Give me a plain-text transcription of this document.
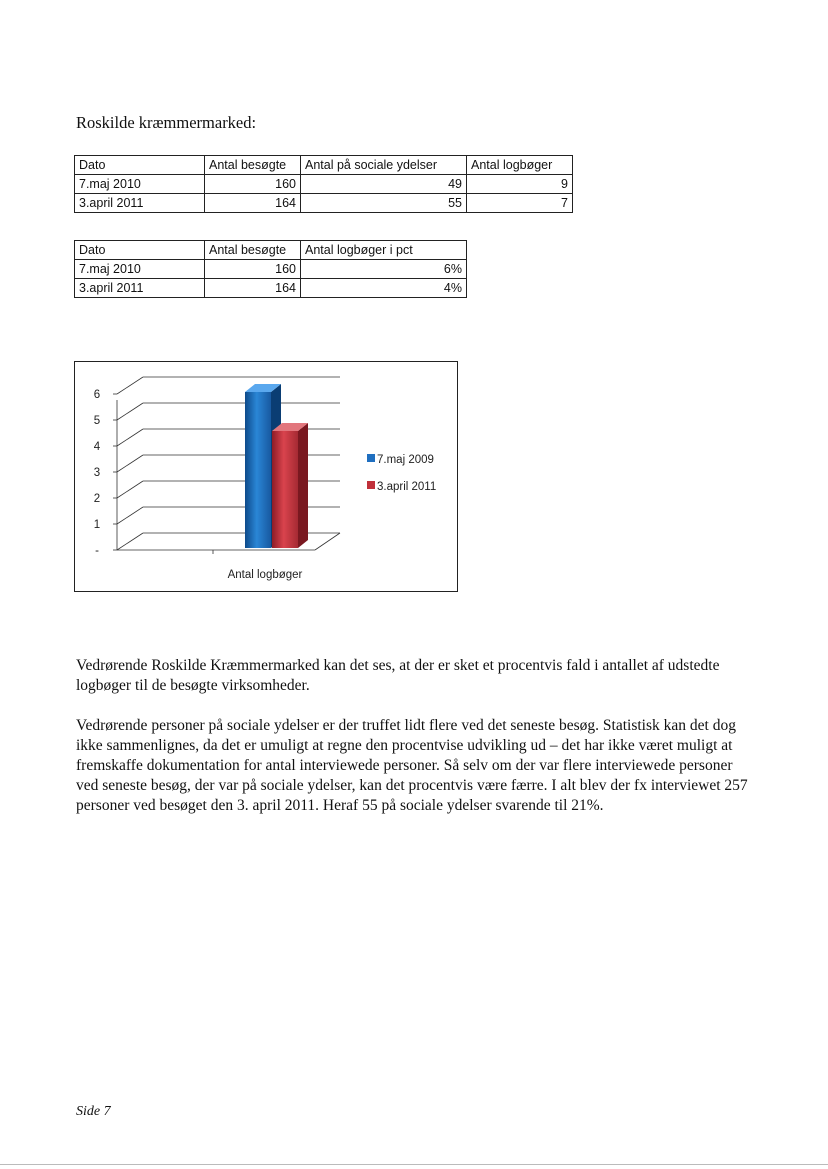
Roskilde kræmmermarked:
Dato	Antal besøgte	Antal på sociale ydelser	Antal logbøger
7.maj 2010	160	49	9
3.april 2011	164	55	7
Dato	Antal besøgte	Antal logbøger i pct
7.maj 2010	160	6%
3.april 2011	164	4%
-
1
2
3
4
5
6
Antal logbøger
7.maj 2009
3.april 2011

Vedrørende Roskilde Kræmmermarked kan det ses, at der er sket et procentvis fald i antallet af udstedte logbøger til de besøgte virksomheder.

Vedrørende personer på sociale ydelser er der truffet lidt flere ved det seneste besøg. Statistisk kan det dog ikke sammenlignes, da det er umuligt at regne den procentvise udvikling ud – det har ikke været muligt at fremskaffe dokumentation for antal interviewede personer. Så selv om der var flere interviewede personer ved seneste besøg, der var på sociale ydelser, kan det procentvis være færre. I alt blev der fx interviewet 257 personer ved besøget den 3. april 2011. Heraf 55 på sociale ydelser svarende til 21%.

Side 7
